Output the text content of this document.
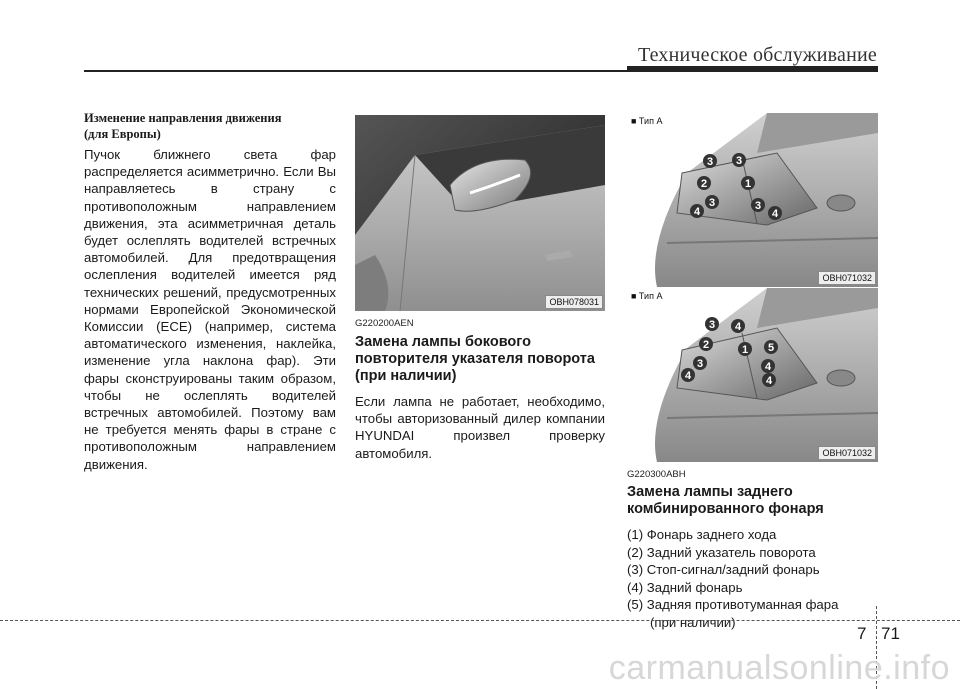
Техническое обслуживание

Изменение направления движения
(для Европы)

Пучок ближнего света фар распределяется асимметрично. Если Вы направляетесь в страну с противоположным направлением движения, эта асимметричная деталь будет ослеплять водителей встречных автомобилей. Для предотвращения ослепления водителей имеется ряд технических решений, предусмотренных нормами Европейской Экономической Комиссии (ЕСЕ) (например, система автоматического изменения, наклейка, изменение угла наклона фар). Эти фары сконструированы таким образом, чтобы не ослеплять водителей встречных автомобилей. Поэтому вам не требуется менять фары в стране с противоположным направлением движения.

OBH078031
G220200AEN

Замена лампы бокового повторителя указателя поворота (при наличии)

Если лампа не работает, необходимо, чтобы авторизованный дилер компании HYUNDAI произвел проверку автомобиля.

3 3
2	1
3	3
4	4
■ Тип A
OBH071032
3 4
2	1 5
3	4
4	4
■ Тип A
OBH071032
G220300ABH

Замена лампы заднего комбинированного фонаря

(1) Фонарь заднего хода
(2) Задний указатель поворота
(3) Стоп-сигнал/задний фонарь
(4) Задний фонарь
(5) Задняя противотуманная фара
(при наличии)
7 71
carmanualsonline.info
